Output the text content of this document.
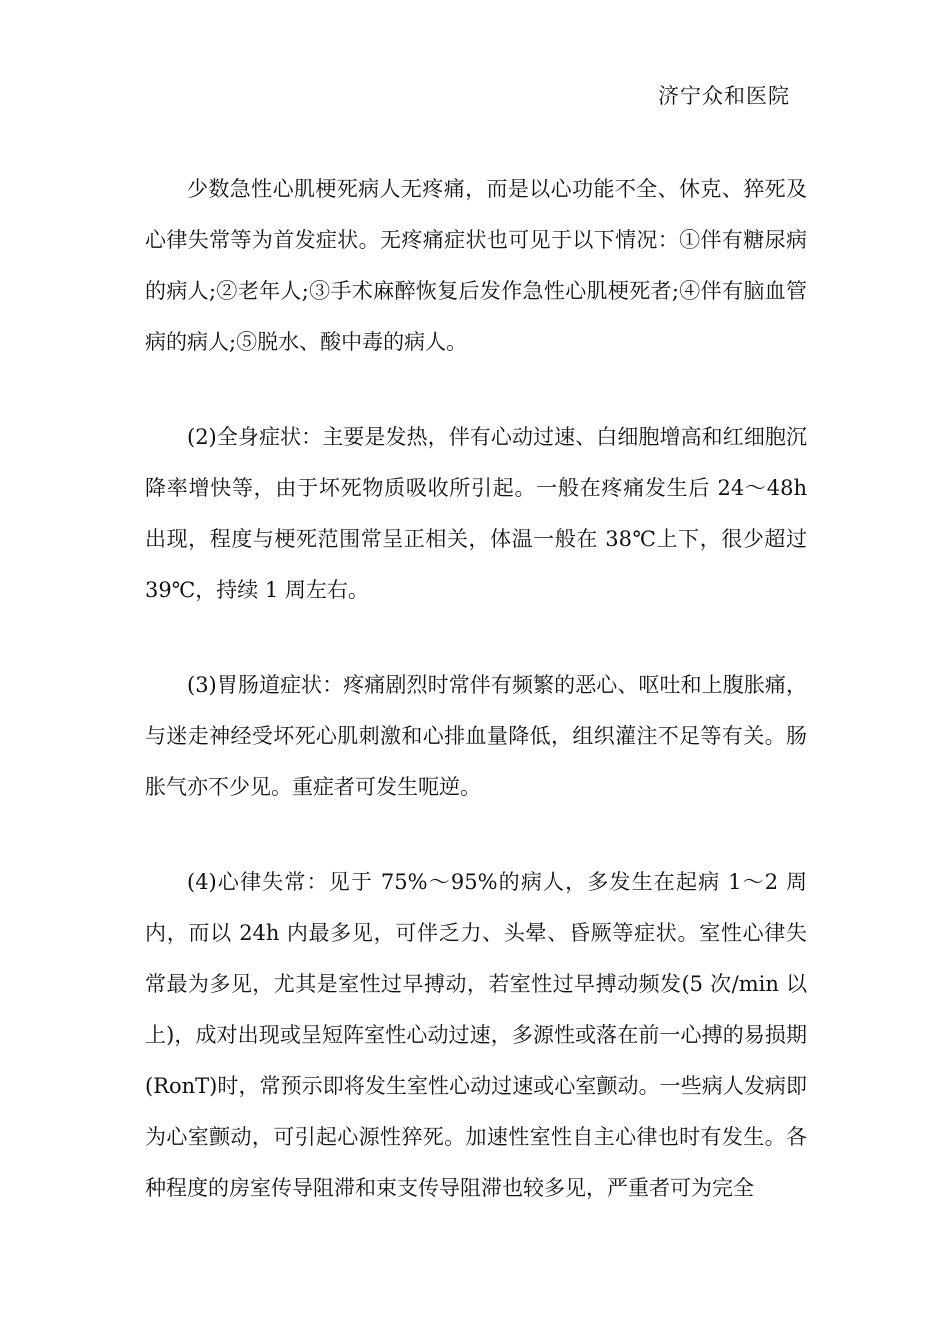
济宁众和医院

少数急性心肌梗死病人无疼痛，而是以心功能不全、休克、猝死及心律失常等为首发症状。无疼痛症状也可见于以下情况：①伴有糖尿病的病人;②老年人;③手术麻醉恢复后发作急性心肌梗死者;④伴有脑血管病的病人;⑤脱水、酸中毒的病人。

(2)全身症状：主要是发热，伴有心动过速、白细胞增高和红细胞沉降率增快等，由于坏死物质吸收所引起。一般在疼痛发生后 24～48h 出现，程度与梗死范围常呈正相关，体温一般在 38℃上下，很少超过 39℃，持续 1 周左右。

(3)胃肠道症状：疼痛剧烈时常伴有频繁的恶心、呕吐和上腹胀痛，与迷走神经受坏死心肌刺激和心排血量降低，组织灌注不足等有关。肠胀气亦不少见。重症者可发生呃逆。

(4)心律失常：见于 75%～95%的病人，多发生在起病 1～2 周内，而以 24h 内最多见，可伴乏力、头晕、昏厥等症状。室性心律失常最为多见，尤其是室性过早搏动，若室性过早搏动频发(5 次/min 以上)，成对出现或呈短阵室性心动过速，多源性或落在前一心搏的易损期(RonT)时，常预示即将发生室性心动过速或心室颤动。一些病人发病即为心室颤动，可引起心源性猝死。加速性室性自主心律也时有发生。各种程度的房室传导阻滞和束支传导阻滞也较多见，严重者可为完全
